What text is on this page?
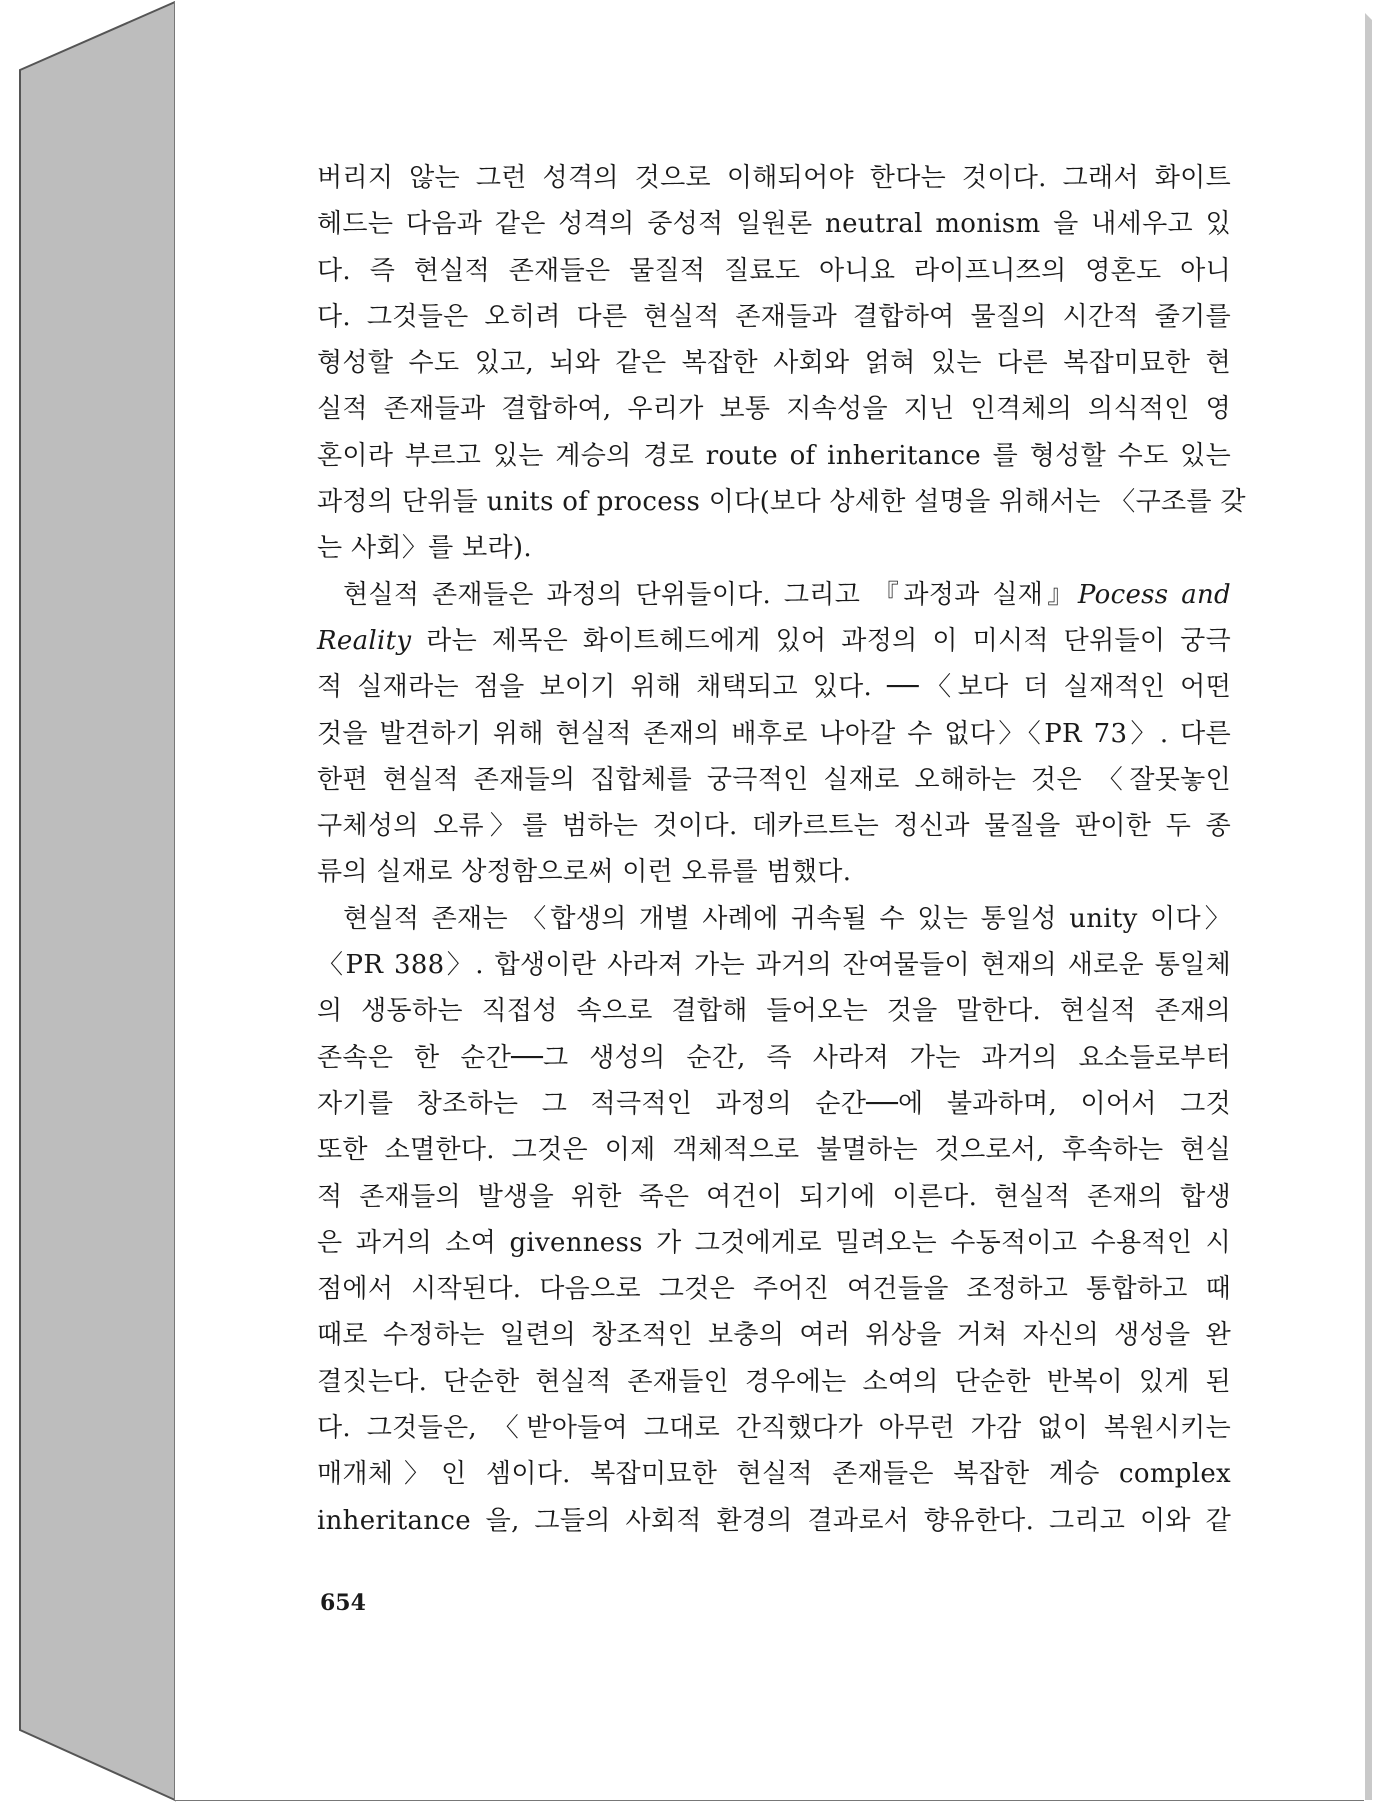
버리지 않는 그런 성격의 것으로 이해되어야 한다는 것이다. 그래서 화이트
헤드는 다음과 같은 성격의 중성적 일원론 neutral monism 을 내세우고 있
다. 즉 현실적 존재들은 물질적 질료도 아니요 라이프니쯔의 영혼도 아니
다. 그것들은 오히려 다른 현실적 존재들과 결합하여 물질의 시간적 줄기를
형성할 수도 있고, 뇌와 같은 복잡한 사회와 얽혀 있는 다른 복잡미묘한 현
실적 존재들과 결합하여, 우리가 보통 지속성을 지닌 인격체의 의식적인 영
혼이라 부르고 있는 계승의 경로 route of inheritance 를 형성할 수도 있는
과정의 단위들 units of process 이다(보다 상세한 설명을 위해서는 〈구조를 갖
는 사회〉를 보라).
현실적 존재들은 과정의 단위들이다. 그리고 『과정과 실재』Pocess and
Reality 라는 제목은 화이트헤드에게 있어 과정의 이 미시적 단위들이 궁극
적 실재라는 점을 보이기 위해 채택되고 있다. ──〈보다 더 실재적인 어떤
것을 발견하기 위해 현실적 존재의 배후로 나아갈 수 없다〉〈PR 73〉. 다른
한편 현실적 존재들의 집합체를 궁극적인 실재로 오해하는 것은 〈잘못놓인
구체성의 오류〉를 범하는 것이다. 데카르트는 정신과 물질을 판이한 두 종
류의 실재로 상정함으로써 이런 오류를 범했다.
현실적 존재는 〈합생의 개별 사례에 귀속될 수 있는 통일성 unity 이다〉
〈PR 388〉. 합생이란 사라져 가는 과거의 잔여물들이 현재의 새로운 통일체
의 생동하는 직접성 속으로 결합해 들어오는 것을 말한다. 현실적 존재의
존속은 한 순간──그 생성의 순간, 즉 사라져 가는 과거의 요소들로부터
자기를 창조하는 그 적극적인 과정의 순간──에 불과하며, 이어서 그것
또한 소멸한다. 그것은 이제 객체적으로 불멸하는 것으로서, 후속하는 현실
적 존재들의 발생을 위한 죽은 여건이 되기에 이른다. 현실적 존재의 합생
은 과거의 소여 givenness 가 그것에게로 밀려오는 수동적이고 수용적인 시
점에서 시작된다. 다음으로 그것은 주어진 여건들을 조정하고 통합하고 때
때로 수정하는 일련의 창조적인 보충의 여러 위상을 거쳐 자신의 생성을 완
결짓는다. 단순한 현실적 존재들인 경우에는 소여의 단순한 반복이 있게 된
다. 그것들은, 〈받아들여 그대로 간직했다가 아무런 가감 없이 복원시키는
매개체〉인 셈이다. 복잡미묘한 현실적 존재들은 복잡한 계승 complex
inheritance 을, 그들의 사회적 환경의 결과로서 향유한다. 그리고 이와 같
654
